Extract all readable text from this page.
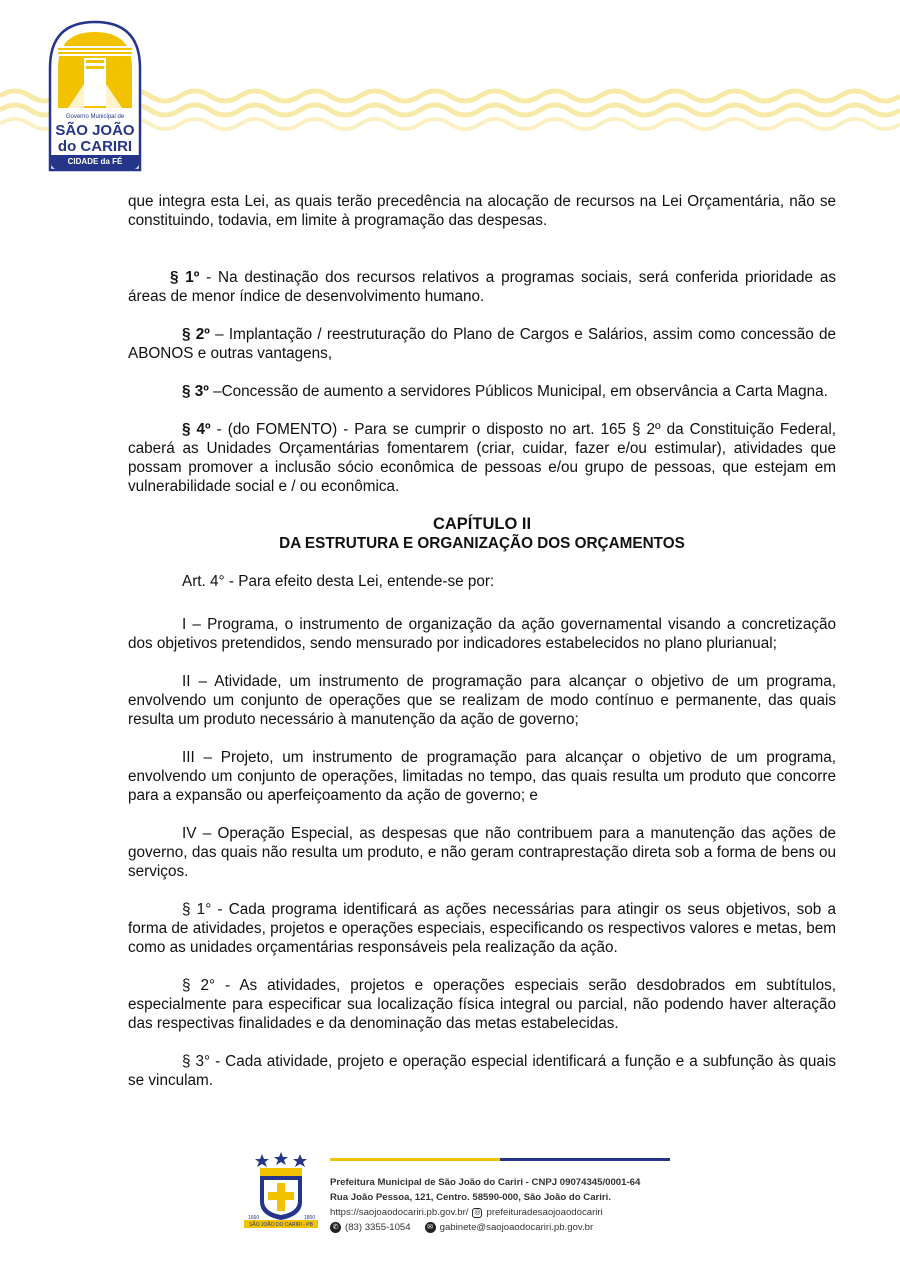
Governo Municipal de
SÃO JOÃO
do CARIRI
CIDADE da FÉ

que integra esta Lei, as quais terão precedência na alocação de recursos na Lei Orçamentária, não se constituindo, todavia, em limite à programação das despesas.

§ 1º - Na destinação dos recursos relativos a programas sociais, será conferida prioridade as áreas de menor índice de desenvolvimento humano.

§ 2º – Implantação / reestruturação do Plano de Cargos e Salários, assim como concessão de ABONOS e outras vantagens,

§ 3º –Concessão de aumento a servidores Públicos Municipal, em observância a Carta Magna.

§ 4º - (do FOMENTO) - Para se cumprir o disposto no art. 165 § 2º da Constituição Federal, caberá as Unidades Orçamentárias fomentarem (criar, cuidar, fazer e/ou estimular), atividades que possam promover a inclusão sócio econômica de pessoas e/ou grupo de pessoas, que estejam em vulnerabilidade social e / ou econômica.

CAPÍTULO II
DA ESTRUTURA E ORGANIZAÇÃO DOS ORÇAMENTOS

Art. 4° - Para efeito desta Lei, entende-se por:

I – Programa, o instrumento de organização da ação governamental visando a concretização dos objetivos pretendidos, sendo mensurado por indicadores estabelecidos no plano plurianual;

II – Atividade, um instrumento de programação para alcançar o objetivo de um programa, envolvendo um conjunto de operações que se realizam de modo contínuo e permanente, das quais resulta um produto necessário à manutenção da ação de governo;

III – Projeto, um instrumento de programação para alcançar o objetivo de um programa, envolvendo um conjunto de operações, limitadas no tempo, das quais resulta um produto que concorre para a expansão ou aperfeiçoamento da ação de governo; e

IV – Operação Especial, as despesas que não contribuem para a manutenção das ações de governo, das quais não resulta um produto, e não geram contraprestação direta sob a forma de bens ou serviços.

§ 1° - Cada programa identificará as ações necessárias para atingir os seus objetivos, sob a forma de atividades, projetos e operações especiais, especificando os respectivos valores e metas, bem como as unidades orçamentárias responsáveis pela realização da ação.

§ 2° - As atividades, projetos e operações especiais serão desdobrados em subtítulos, especialmente para especificar sua localização física integral ou parcial, não podendo haver alteração das respectivas finalidades e da denominação das metas estabelecidas.

§ 3° - Cada atividade, projeto e operação especial identificará a função e a subfunção às quais se vinculam.

SÃO JOÃO DO CARIRI - PB
1660	1800
Prefeitura Municipal de São João do Cariri - CNPJ 09074345/0001-64
Rua João Pessoa, 121, Centro. 58590-000, São João do Cariri.
https://saojoaodocariri.pb.gov.br/ ◎ prefeituradesaojoaodocariri
✆ (83) 3355-1054	✉ gabinete@saojoaodocariri.pb.gov.br
